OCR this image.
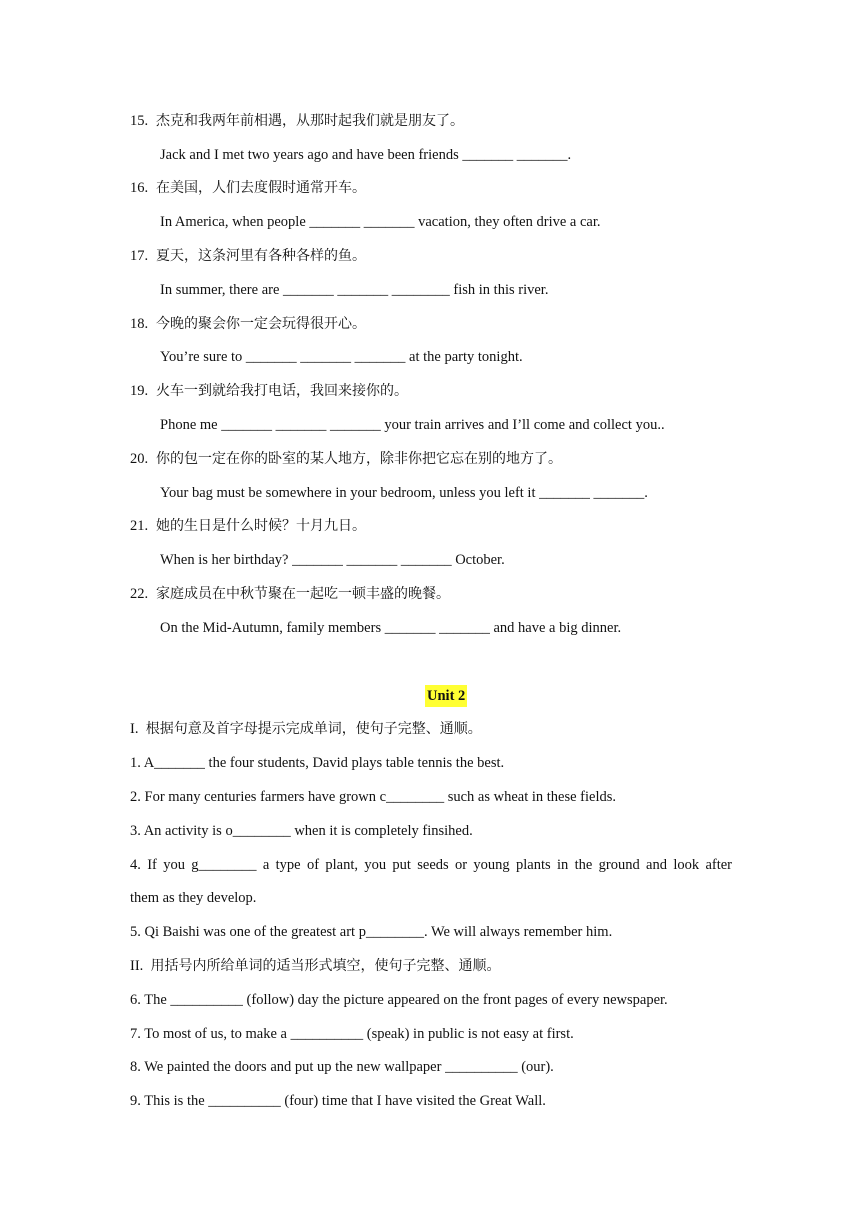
15. 杰克和我两年前相遇，从那时起我们就是朋友了。
Jack and I met two years ago and have been friends _______ _______.
16. 在美国，人们去度假时通常开车。
In America, when people _______ _______ vacation, they often drive a car.
17. 夏天，这条河里有各种各样的鱼。
In summer, there are _______ _______ ________ fish in this river.
18. 今晚的聚会你一定会玩得很开心。
You’re sure to _______ _______ _______ at the party tonight.
19. 火车一到就给我打电话，我回来接你的。
Phone me _______ _______ _______ your train arrives and I’ll come and collect you..
20. 你的包一定在你的卧室的某人地方，除非你把它忘在别的地方了。
Your bag must be somewhere in your bedroom, unless you left it _______ _______.
21. 她的生日是什么时候？十月九日。
When is her birthday? _______ _______ _______ October.
22. 家庭成员在中秋节聚在一起吃一顿丰盛的晚餐。
On the Mid-Autumn, family members _______ _______ and have a big dinner.
Unit 2
I. 根据句意及首字母提示完成单词，使句子完整、通顺。
1. A_______ the four students, David plays table tennis the best.
2. For many centuries farmers have grown c________ such as wheat in these fields.
3. An activity is o________ when it is completely finsihed.
4. If you g________ a type of plant, you put seeds or young plants in the ground and look after
them as they develop.
5. Qi Baishi was one of the greatest art p________. We will always remember him.
II. 用括号内所给单词的适当形式填空，使句子完整、通顺。
6. The __________ (follow) day the picture appeared on the front pages of every newspaper.
7. To most of us, to make a __________ (speak) in public is not easy at first.
8. We painted the doors and put up the new wallpaper __________ (our).
9. This is the __________ (four) time that I have visited the Great Wall.
